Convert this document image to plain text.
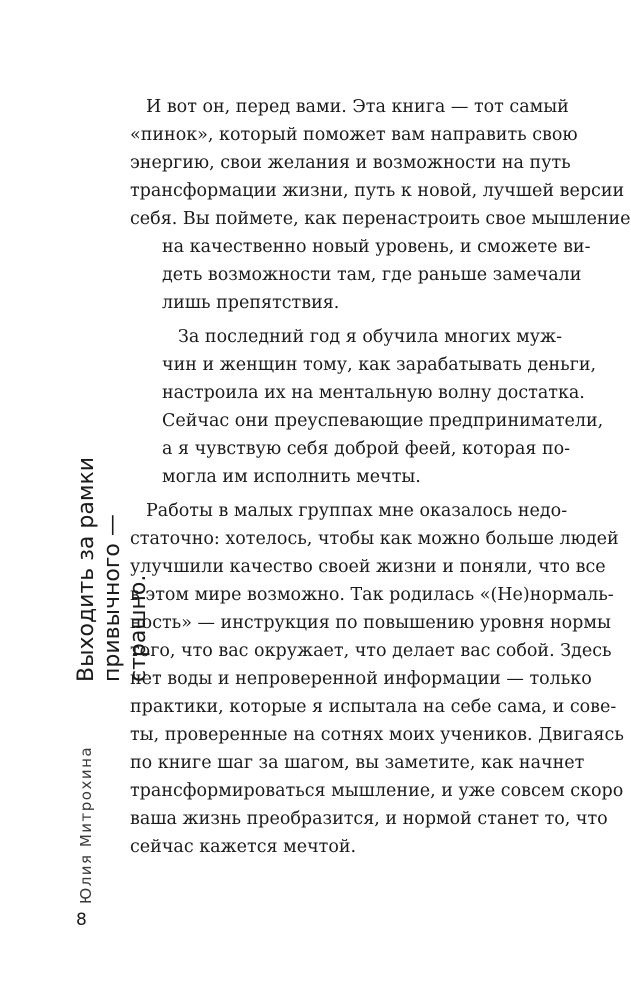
И вот он, перед вами. Эта книга — тот самый
«пинок», который поможет вам направить свою
энергию, свои желания и возможности на путь
трансформации жизни, путь к новой, лучшей версии
себя. Вы поймете, как перенастроить свое мышление
на качественно новый уровень, и сможете ви-
деть возможности там, где раньше замечали
лишь препятствия.
За последний год я обучила многих муж-
чин и женщин тому, как зарабатывать деньги,
настроила их на ментальную волну достатка.
Сейчас они преуспевающие предприниматели,
а я чувствую себя доброй феей, которая по-
могла им исполнить мечты.
Работы в малых группах мне оказалось недо-
статочно: хотелось, чтобы как можно больше людей
улучшили качество своей жизни и поняли, что все
в этом мире возможно. Так родилась «(Не)нормаль-
ность» — инструкция по повышению уровня нормы
того, что вас окружает, что делает вас собой. Здесь
нет воды и непроверенной информации — только
практики, которые я испытала на себе сама, и сове-
ты, проверенные на сотнях моих учеников. Двигаясь
по книге шаг за шагом, вы заметите, как начнет
трансформироваться мышление, и уже совсем скоро
ваша жизнь преобразится, и нормой станет то, что
сейчас кажется мечтой.
Выходить за рамки привычного — страшно.
Юлия Митрохина
8
